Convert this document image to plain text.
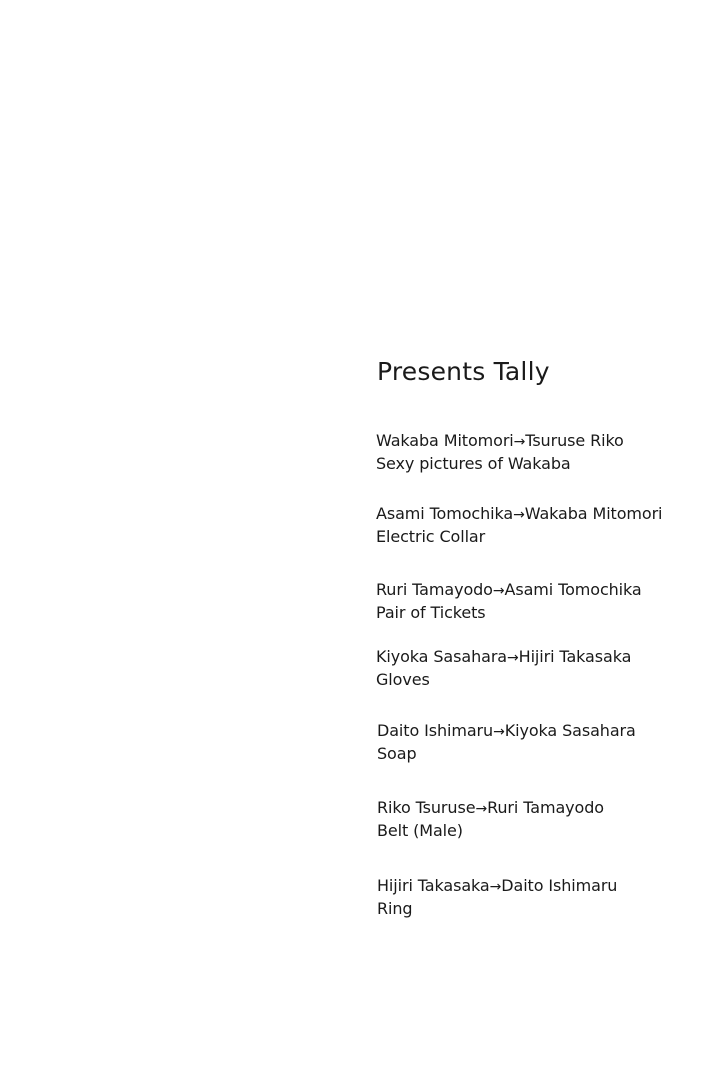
Presents Tally
Wakaba Mitomori→Tsuruse Riko
Sexy pictures of Wakaba
Asami Tomochika→Wakaba Mitomori
Electric Collar
Ruri Tamayodo→Asami Tomochika
Pair of Tickets
Kiyoka Sasahara→Hijiri Takasaka
Gloves
Daito Ishimaru→Kiyoka Sasahara
Soap
Riko Tsuruse→Ruri Tamayodo
Belt (Male)
Hijiri Takasaka→Daito Ishimaru
Ring
